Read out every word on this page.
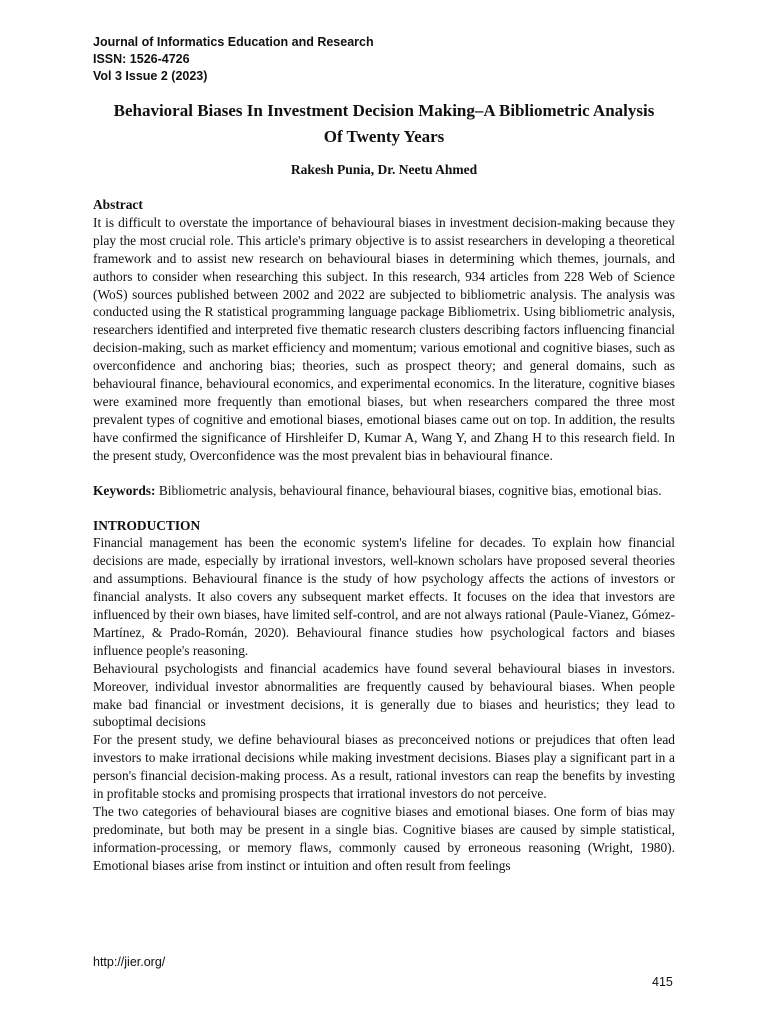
Journal of Informatics Education and Research
ISSN: 1526-4726
Vol 3 Issue 2 (2023)
Behavioral Biases In Investment Decision Making–A Bibliometric Analysis
Of Twenty Years
Rakesh Punia, Dr. Neetu Ahmed
Abstract

It is difficult to overstate the importance of behavioural biases in investment decision-making because they play the most crucial role. This article's primary objective is to assist researchers in developing a theoretical framework and to assist new research on behavioural biases in determining which themes, journals, and authors to consider when researching this subject. In this research, 934 articles from 228 Web of Science (WoS) sources published between 2002 and 2022 are subjected to bibliometric analysis. The analysis was conducted using the R statistical programming language package Bibliometrix. Using bibliometric analysis, researchers identified and interpreted five thematic research clusters describing factors influencing financial decision-making, such as market efficiency and momentum; various emotional and cognitive biases, such as overconfidence and anchoring bias; theories, such as prospect theory; and general domains, such as behavioural finance, behavioural economics, and experimental economics. In the literature, cognitive biases were examined more frequently than emotional biases, but when researchers compared the three most prevalent types of cognitive and emotional biases, emotional biases came out on top. In addition, the results have confirmed the significance of Hirshleifer D, Kumar A, Wang Y, and Zhang H to this research field. In the present study, Overconfidence was the most prevalent bias in behavioural finance.

Keywords: Bibliometric analysis, behavioural finance, behavioural biases, cognitive bias, emotional bias.

INTRODUCTION

Financial management has been the economic system's lifeline for decades. To explain how financial decisions are made, especially by irrational investors, well-known scholars have proposed several theories and assumptions. Behavioural finance is the study of how psychology affects the actions of investors or financial analysts. It also covers any subsequent market effects. It focuses on the idea that investors are influenced by their own biases, have limited self-control, and are not always rational (Paule-Vianez, Gómez-Martínez, & Prado-Román, 2020). Behavioural finance studies how psychological factors and biases influence people's reasoning.

Behavioural psychologists and financial academics have found several behavioural biases in investors. Moreover, individual investor abnormalities are frequently caused by behavioural biases. When people make bad financial or investment decisions, it is generally due to biases and heuristics; they lead to suboptimal decisions

For the present study, we define behavioural biases as preconceived notions or prejudices that often lead investors to make irrational decisions while making investment decisions. Biases play a significant part in a person's financial decision-making process. As a result, rational investors can reap the benefits by investing in profitable stocks and promising prospects that irrational investors do not perceive.

The two categories of behavioural biases are cognitive biases and emotional biases. One form of bias may predominate, but both may be present in a single bias. Cognitive biases are caused by simple statistical, information-processing, or memory flaws, commonly caused by erroneous reasoning (Wright, 1980). Emotional biases arise from instinct or intuition and often result from feelings

http://jier.org/
415
